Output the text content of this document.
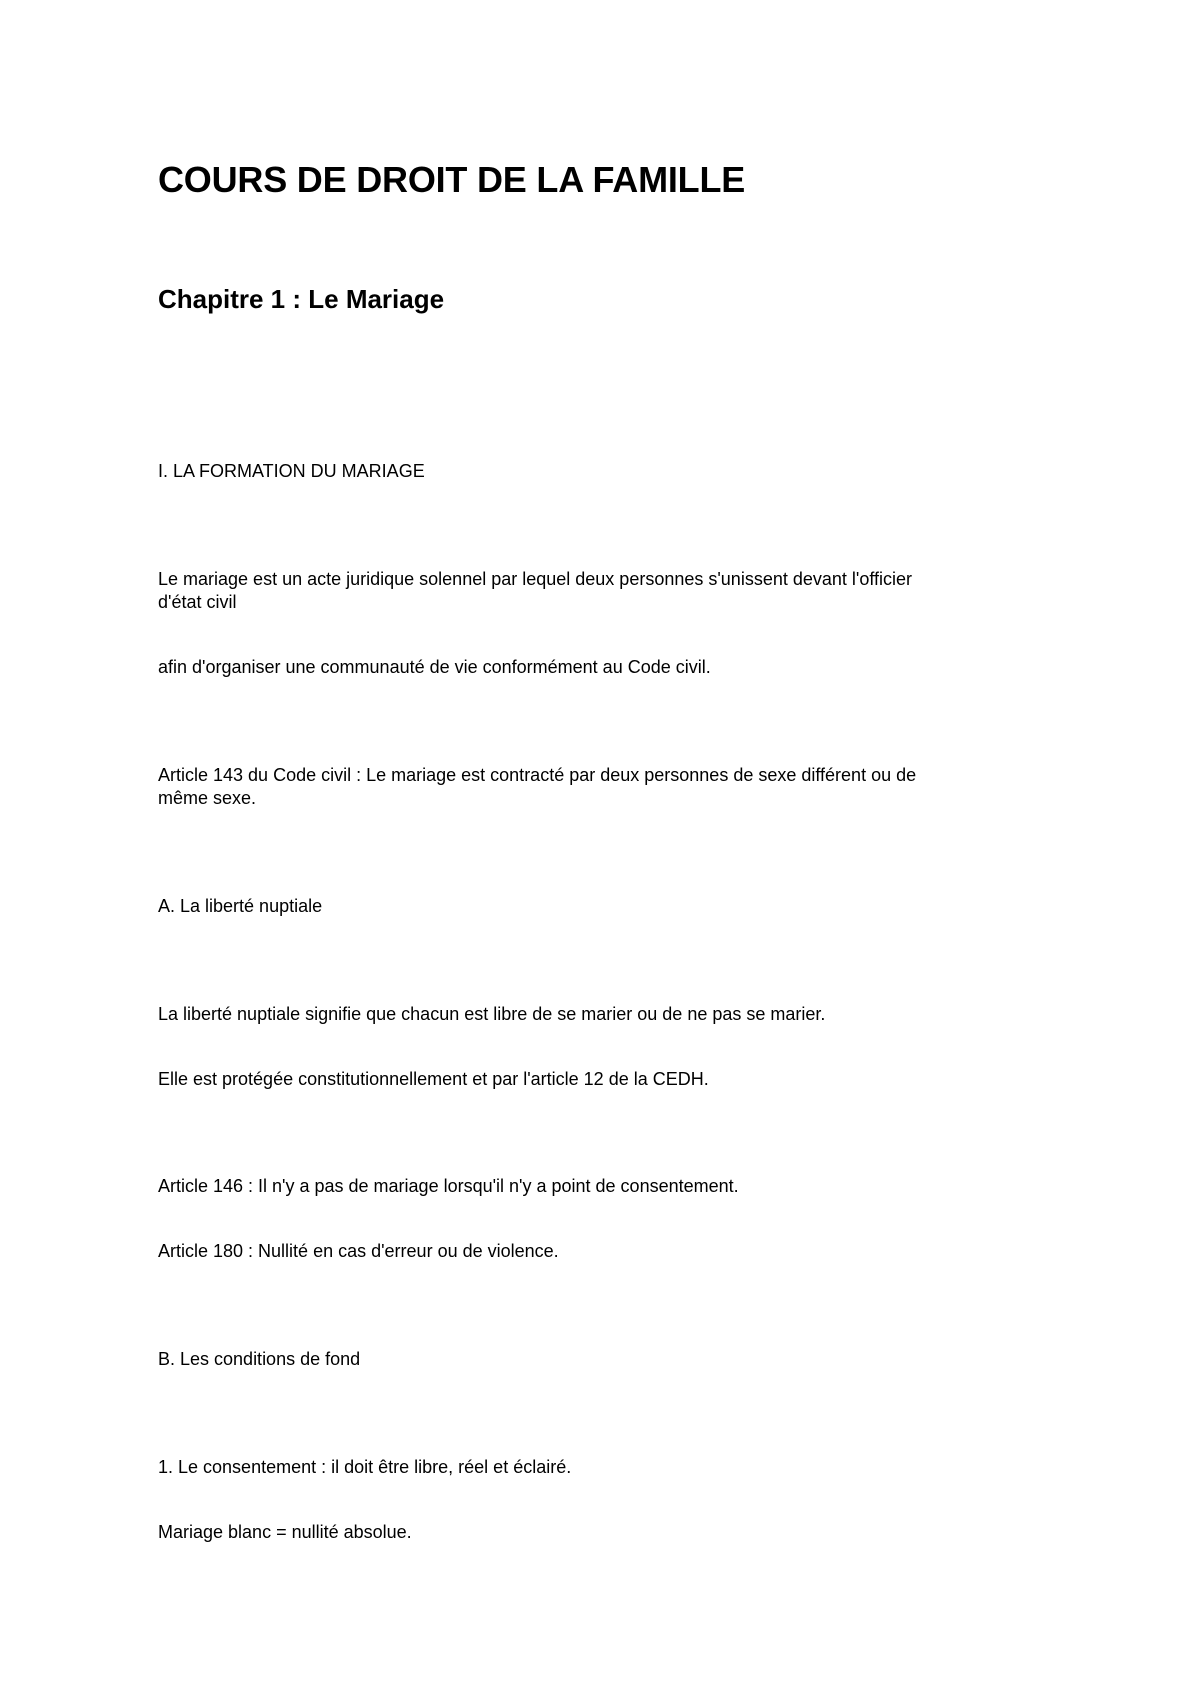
COURS DE DROIT DE LA FAMILLE
Chapitre 1 : Le Mariage
I. LA FORMATION DU MARIAGE
Le mariage est un acte juridique solennel par lequel deux personnes s'unissent devant l'officier
d'état civil
afin d'organiser une communauté de vie conformément au Code civil.
Article 143 du Code civil : Le mariage est contracté par deux personnes de sexe différent ou de
même sexe.
A. La liberté nuptiale
La liberté nuptiale signifie que chacun est libre de se marier ou de ne pas se marier.
Elle est protégée constitutionnellement et par l'article 12 de la CEDH.
Article 146 : Il n'y a pas de mariage lorsqu'il n'y a point de consentement.
Article 180 : Nullité en cas d'erreur ou de violence.
B. Les conditions de fond
1. Le consentement : il doit être libre, réel et éclairé.
Mariage blanc = nullité absolue.
